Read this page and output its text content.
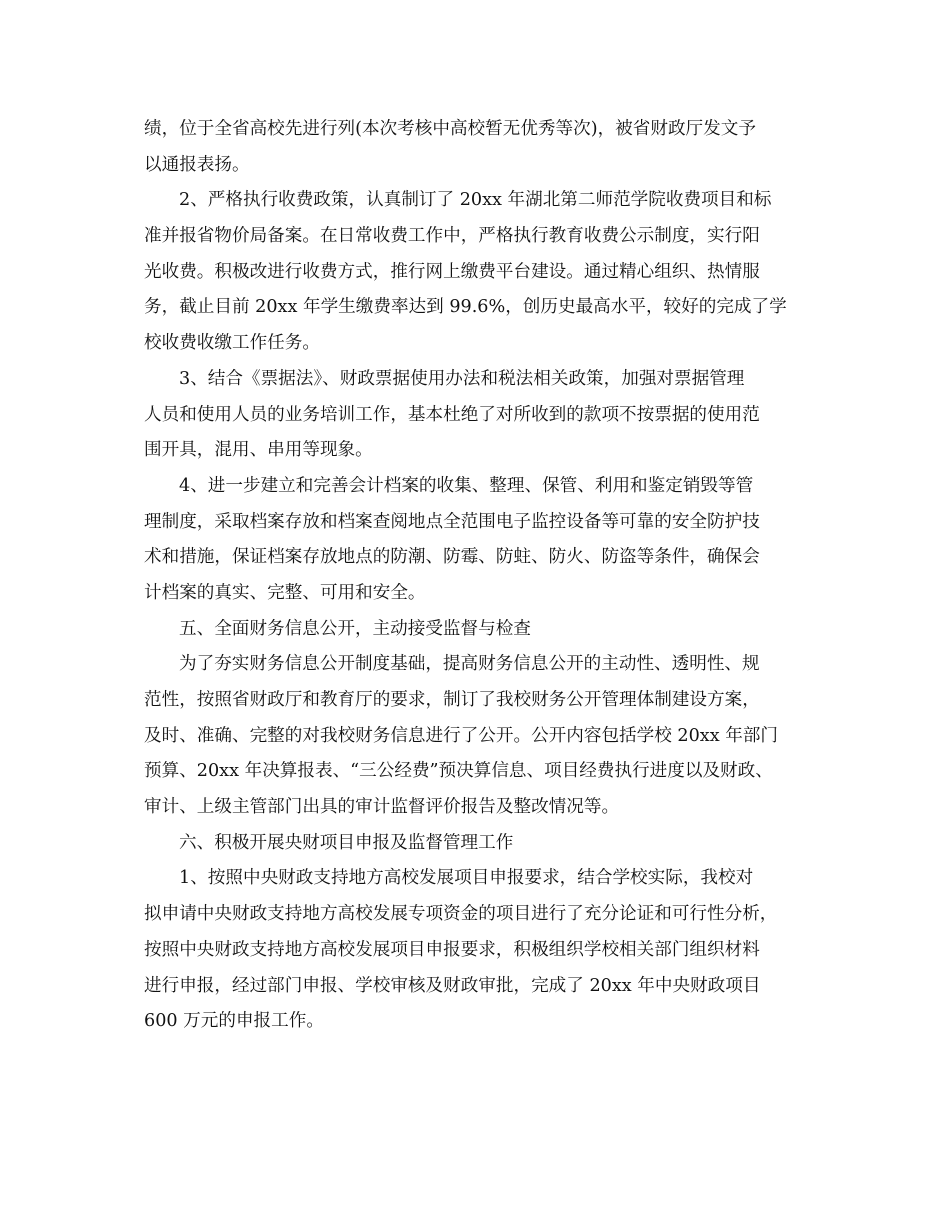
绩，位于全省高校先进行列(本次考核中高校暂无优秀等次)，被省财政厅发文予
以通报表扬。
2、严格执行收费政策，认真制订了 20xx 年湖北第二师范学院收费项目和标
准并报省物价局备案。在日常收费工作中，严格执行教育收费公示制度，实行阳
光收费。积极改进行收费方式，推行网上缴费平台建设。通过精心组织、热情服
务，截止目前 20xx 年学生缴费率达到 99.6%，创历史最高水平，较好的完成了学
校收费收缴工作任务。
3、结合《票据法》、财政票据使用办法和税法相关政策，加强对票据管理
人员和使用人员的业务培训工作，基本杜绝了对所收到的款项不按票据的使用范
围开具，混用、串用等现象。
4、进一步建立和完善会计档案的收集、整理、保管、利用和鉴定销毁等管
理制度，采取档案存放和档案查阅地点全范围电子监控设备等可靠的安全防护技
术和措施，保证档案存放地点的防潮、防霉、防蛀、防火、防盗等条件，确保会
计档案的真实、完整、可用和安全。
五、全面财务信息公开，主动接受监督与检查
为了夯实财务信息公开制度基础，提高财务信息公开的主动性、透明性、规
范性，按照省财政厅和教育厅的要求，制订了我校财务公开管理体制建设方案，
及时、准确、完整的对我校财务信息进行了公开。公开内容包括学校 20xx 年部门
预算、20xx 年决算报表、“三公经费”预决算信息、项目经费执行进度以及财政、
审计、上级主管部门出具的审计监督评价报告及整改情况等。
六、积极开展央财项目申报及监督管理工作
1、按照中央财政支持地方高校发展项目申报要求，结合学校实际，我校对
拟申请中央财政支持地方高校发展专项资金的项目进行了充分论证和可行性分析，
按照中央财政支持地方高校发展项目申报要求，积极组织学校相关部门组织材料
进行申报，经过部门申报、学校审核及财政审批，完成了 20xx 年中央财政项目
600 万元的申报工作。
